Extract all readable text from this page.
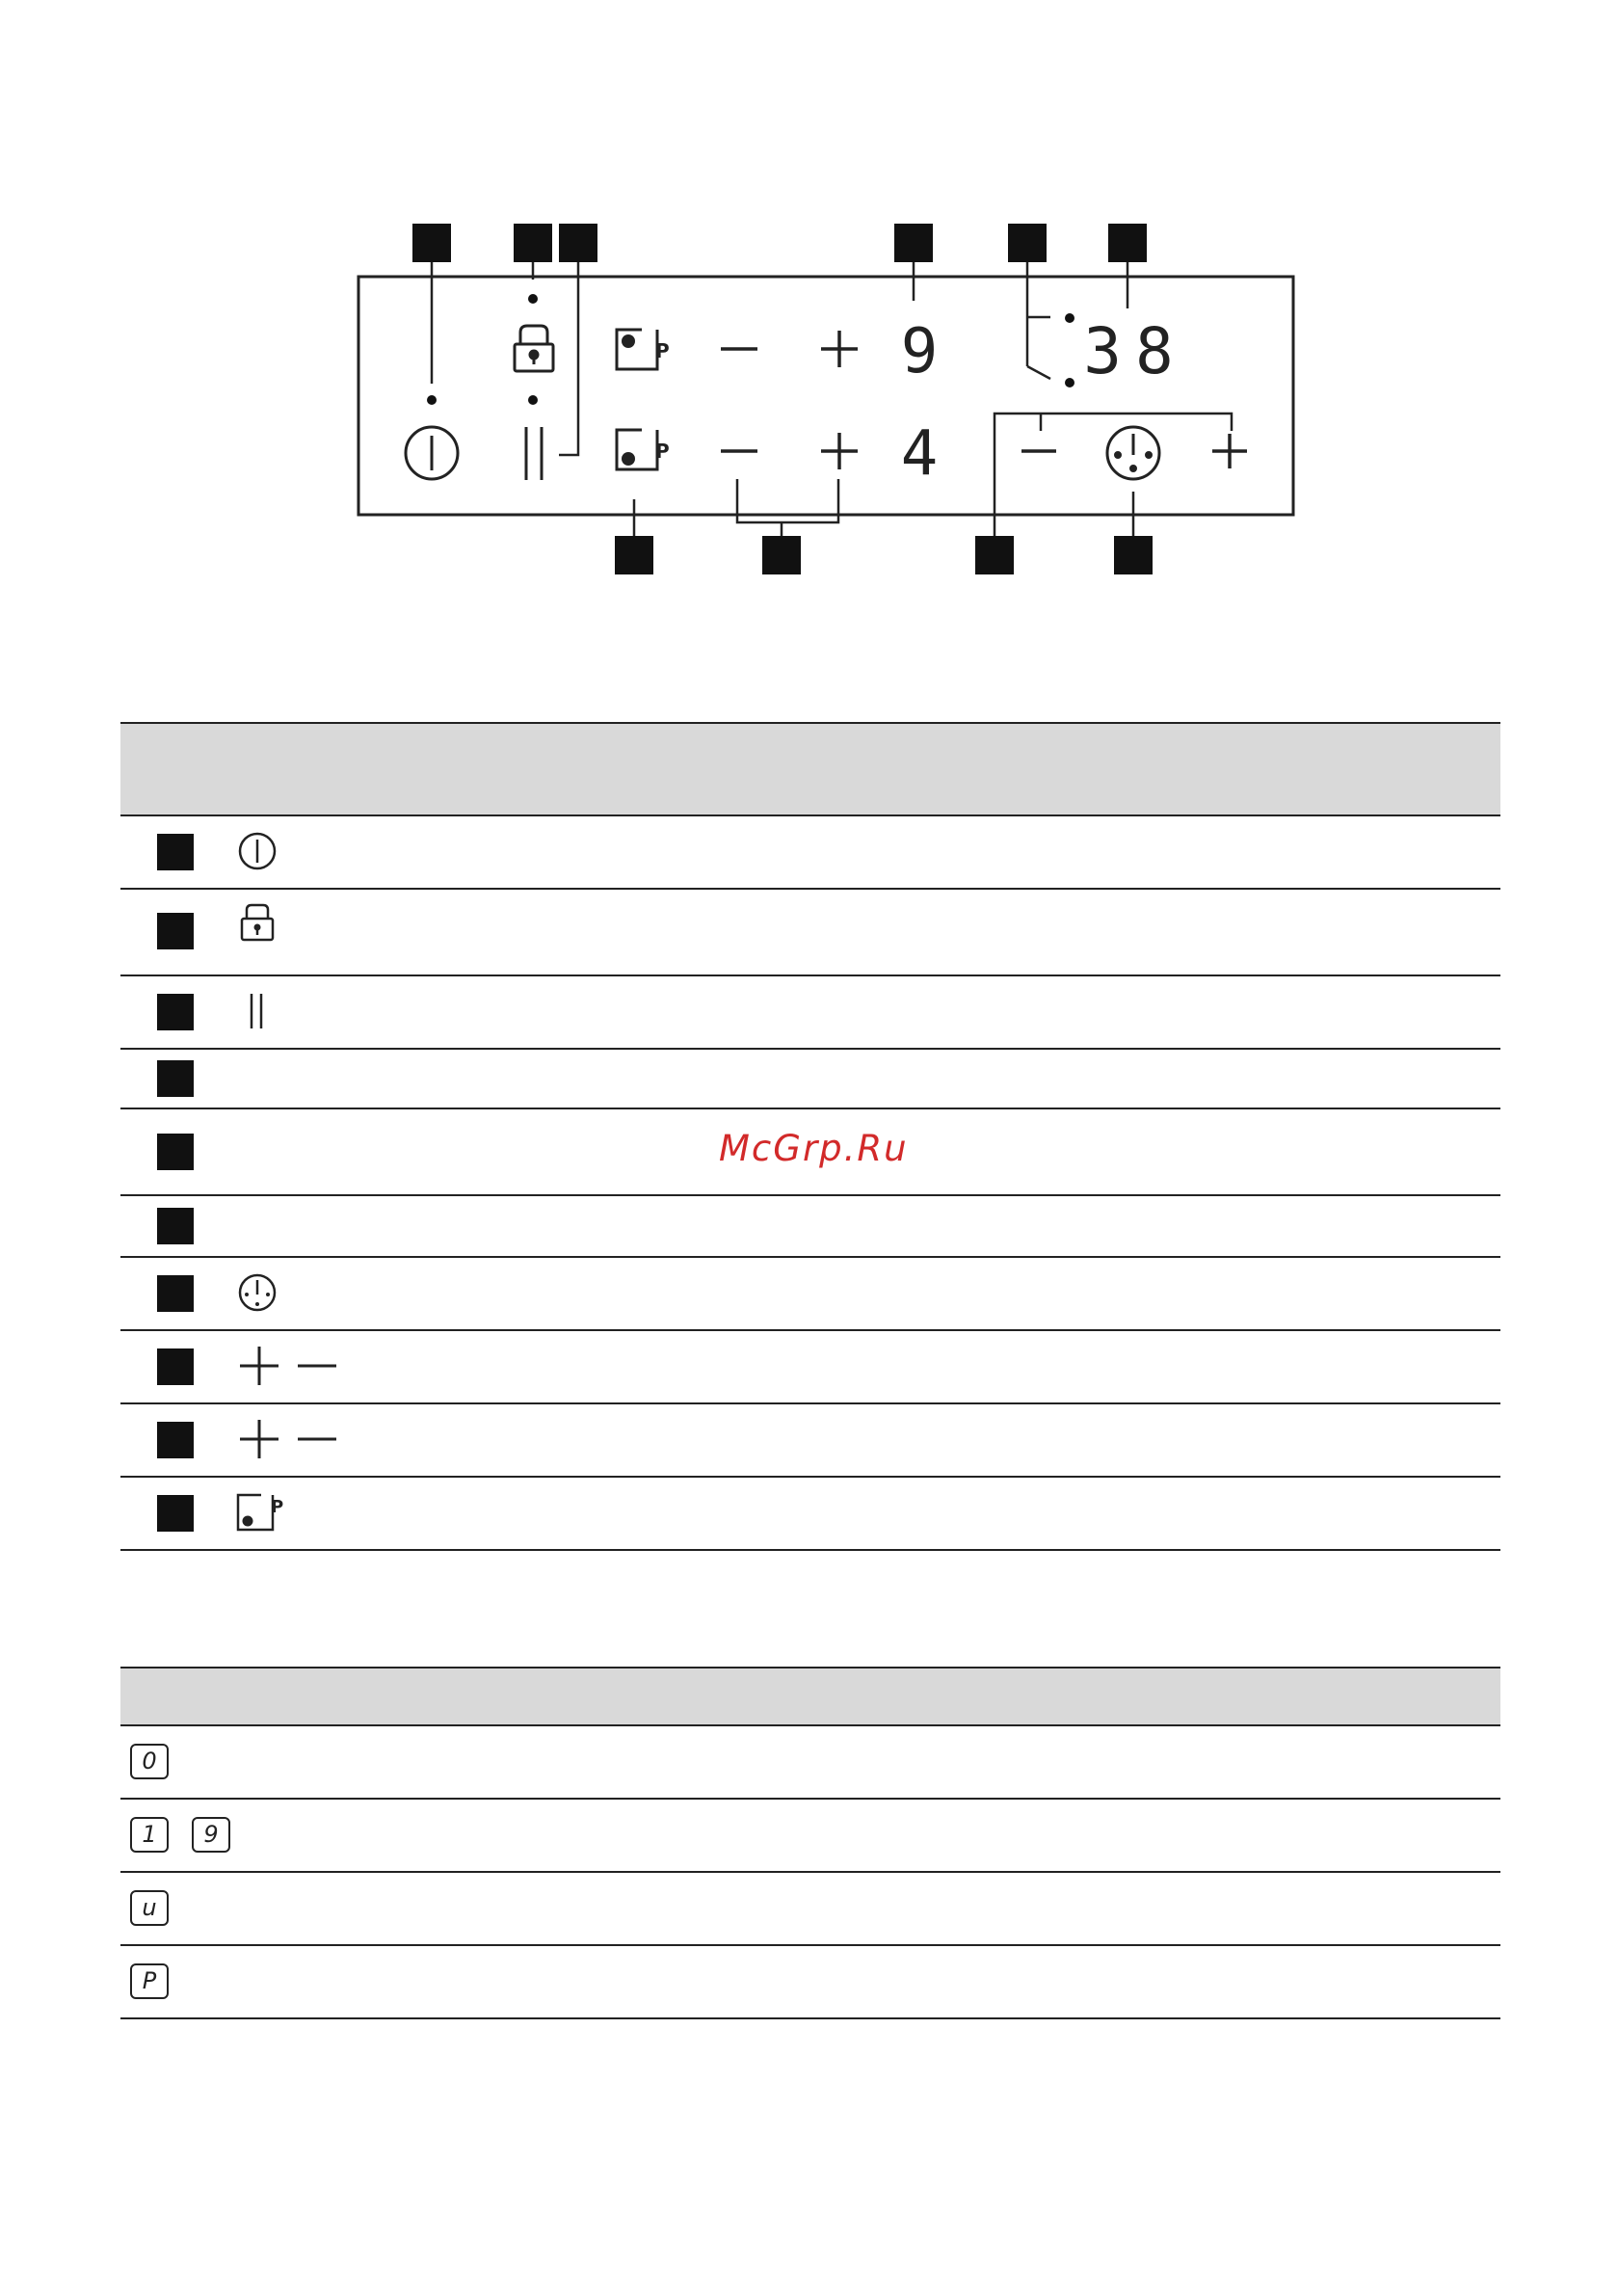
P
P
9
4
38
P
McGrp.Ru
0
1	9
u
P
